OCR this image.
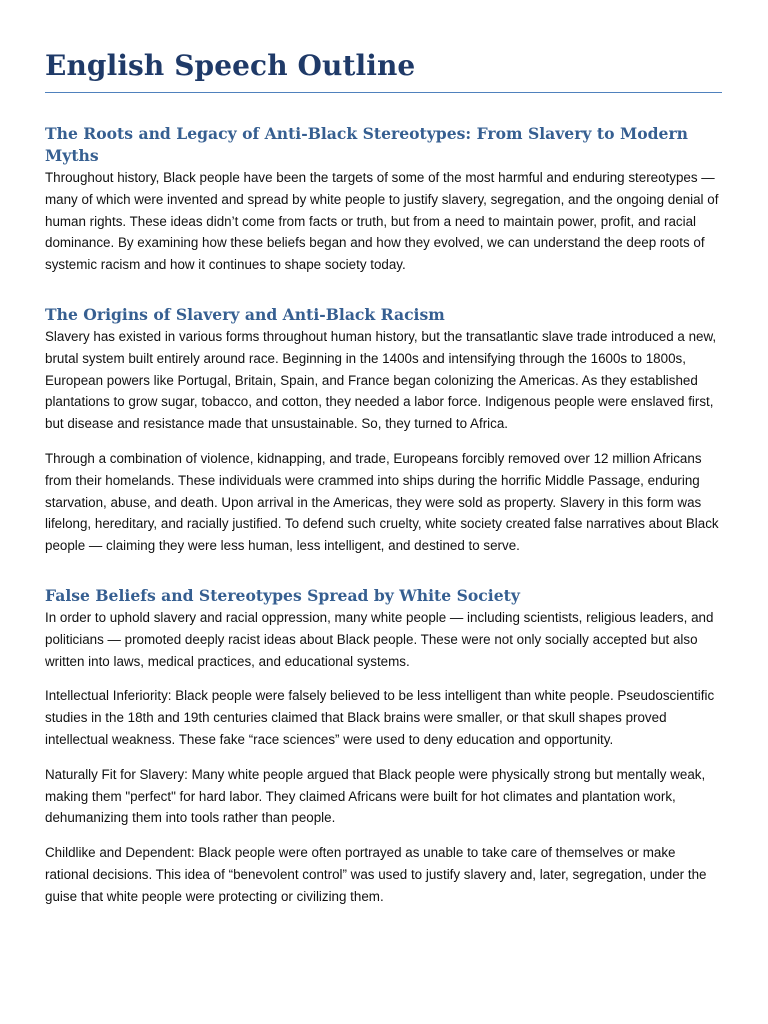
English Speech Outline
The Roots and Legacy of Anti-Black Stereotypes: From Slavery to Modern Myths

Throughout history, Black people have been the targets of some of the most harmful and enduring stereotypes — many of which were invented and spread by white people to justify slavery, segregation, and the ongoing denial of human rights. These ideas didn’t come from facts or truth, but from a need to maintain power, profit, and racial dominance. By examining how these beliefs began and how they evolved, we can understand the deep roots of systemic racism and how it continues to shape society today.

The Origins of Slavery and Anti-Black Racism

Slavery has existed in various forms throughout human history, but the transatlantic slave trade introduced a new, brutal system built entirely around race. Beginning in the 1400s and intensifying through the 1600s to 1800s, European powers like Portugal, Britain, Spain, and France began colonizing the Americas. As they established plantations to grow sugar, tobacco, and cotton, they needed a labor force. Indigenous people were enslaved first, but disease and resistance made that unsustainable. So, they turned to Africa.

Through a combination of violence, kidnapping, and trade, Europeans forcibly removed over 12 million Africans from their homelands. These individuals were crammed into ships during the horrific Middle Passage, enduring starvation, abuse, and death. Upon arrival in the Americas, they were sold as property. Slavery in this form was lifelong, hereditary, and racially justified. To defend such cruelty, white society created false narratives about Black people — claiming they were less human, less intelligent, and destined to serve.

False Beliefs and Stereotypes Spread by White Society

In order to uphold slavery and racial oppression, many white people — including scientists, religious leaders, and politicians — promoted deeply racist ideas about Black people. These were not only socially accepted but also written into laws, medical practices, and educational systems.

Intellectual Inferiority: Black people were falsely believed to be less intelligent than white people. Pseudoscientific studies in the 18th and 19th centuries claimed that Black brains were smaller, or that skull shapes proved intellectual weakness. These fake “race sciences” were used to deny education and opportunity.

Naturally Fit for Slavery: Many white people argued that Black people were physically strong but mentally weak, making them "perfect" for hard labor. They claimed Africans were built for hot climates and plantation work, dehumanizing them into tools rather than people.

Childlike and Dependent: Black people were often portrayed as unable to take care of themselves or make rational decisions. This idea of “benevolent control” was used to justify slavery and, later, segregation, under the guise that white people were protecting or civilizing them.
